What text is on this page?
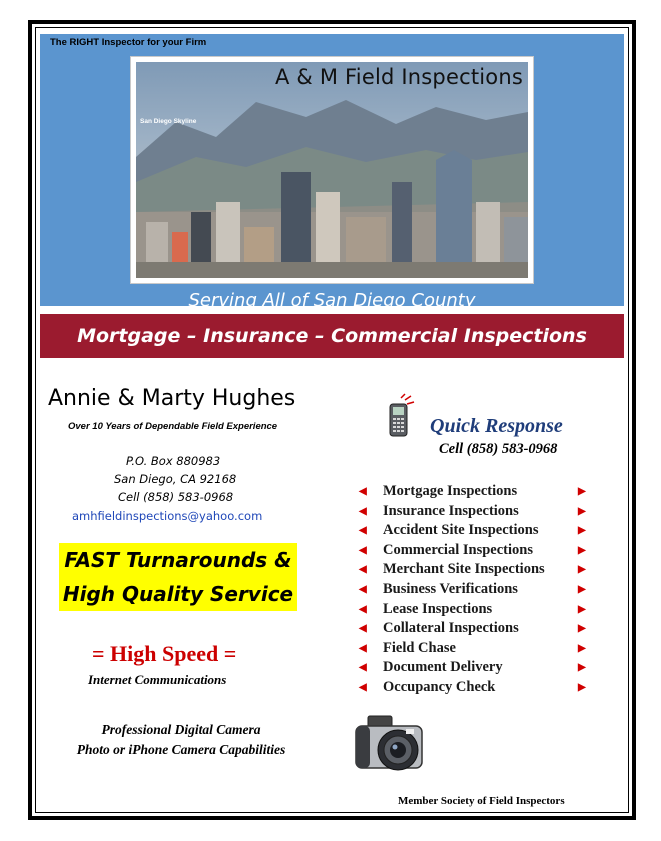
The RIGHT Inspector for your Firm
A & M Field Inspections
San Diego Skyline
Serving All of San Diego County
Mortgage – Insurance – Commercial Inspections
Annie & Marty Hughes
Over 10 Years of Dependable Field Experience
P.O. Box 880983
San Diego, CA 92168
Cell (858) 583-0968
amhfieldinspections@yahoo.com
FAST Turnarounds &
High Quality Service
= High Speed =
Internet Communications
Professional Digital Camera
Photo or iPhone Camera Capabilities
Quick Response
Cell (858) 583-0968
◀ Mortgage Inspections	▶
◀ Insurance Inspections	▶
◀ Accident Site Inspections	▶
◀ Commercial Inspections	▶
◀ Merchant Site Inspections	▶
◀ Business Verifications	▶
◀ Lease Inspections	▶
◀ Collateral Inspections	▶
◀ Field Chase	▶
◀ Document Delivery	▶
◀ Occupancy Check	▶
Member Society of Field Inspectors
